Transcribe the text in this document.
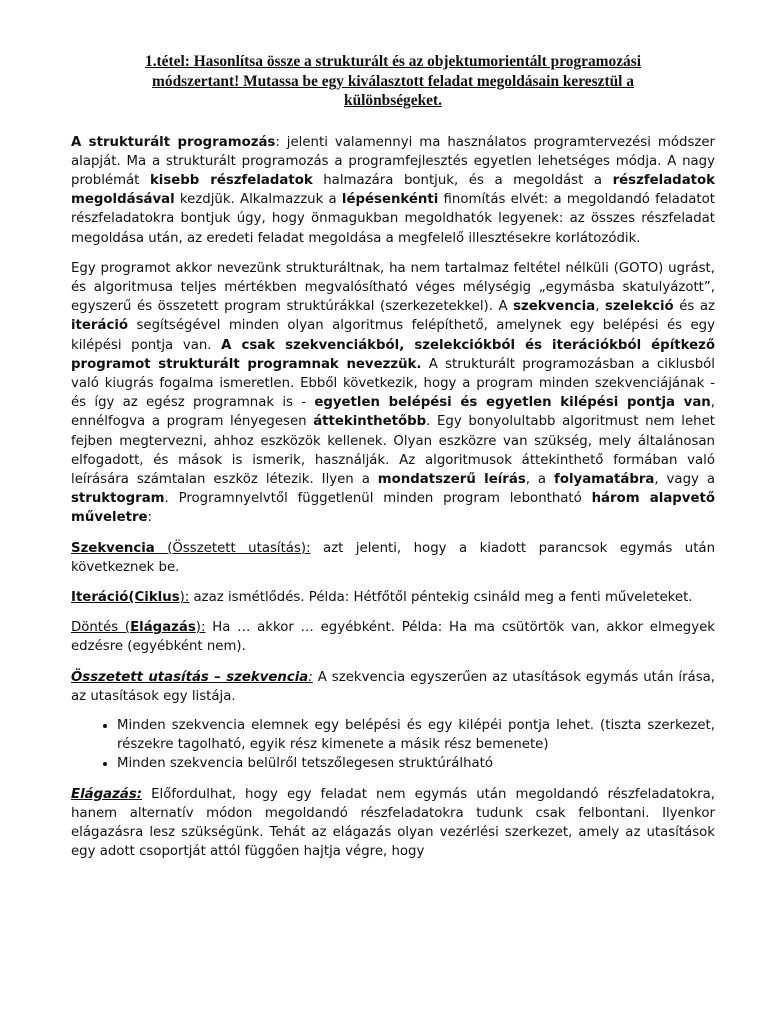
1.tétel: Hasonlítsa össze a strukturált és az objektumorientált programozási
módszertant! Mutassa be egy kiválasztott feladat megoldásain keresztül a
különbségeket.

A strukturált programozás: jelenti valamennyi ma használatos programtervezési módszer alapját. Ma a strukturált programozás a programfejlesztés egyetlen lehetséges módja. A nagy problémát kisebb részfeladatok halmazára bontjuk, és a megoldást a részfeladatok megoldásával kezdjük. Alkalmazzuk a lépésenkénti finomítás elvét: a megoldandó feladatot részfeladatokra bontjuk úgy, hogy önmagukban megoldhatók legyenek: az összes részfeladat megoldása után, az eredeti feladat megoldása a megfelelő illesztésekre korlátozódik.

Egy programot akkor nevezünk strukturáltnak, ha nem tartalmaz feltétel nélküli (GOTO) ugrást, és algoritmusa teljes mértékben megvalósítható véges mélységig „egymásba skatulyázott”, egyszerű és összetett program struktúrákkal (szerkezetekkel). A szekvencia, szelekció és az iteráció segítségével minden olyan algoritmus felépíthető, amelynek egy belépési és egy kilépési pontja van. A csak szekvenciákból, szelekciókból és iterációkból építkező programot strukturált programnak nevezzük. A strukturált programozásban a ciklusból való kiugrás fogalma ismeretlen. Ebből következik, hogy a program minden szekvenciájának - és így az egész programnak is - egyetlen belépési és egyetlen kilépési pontja van, ennélfogva a program lényegesen áttekinthetőbb. Egy bonyolultabb algoritmust nem lehet fejben megtervezni, ahhoz eszközök kellenek. Olyan eszközre van szükség, mely általánosan elfogadott, és mások is ismerik, használják. Az algoritmusok áttekinthető formában való leírására számtalan eszköz létezik. Ilyen a mondatszerű leírás, a folyamatábra, vagy a struktogram. Programnyelvtől függetlenül minden program lebontható három alapvető műveletre:

Szekvencia (Összetett utasítás): azt jelenti, hogy a kiadott parancsok egymás után következnek be.

Iteráció(Ciklus): azaz ismétlődés. Példa: Hétfőtől péntekig csináld meg a fenti műveleteket.

Döntés (Elágazás): Ha … akkor … egyébként. Példa: Ha ma csütörtök van, akkor elmegyek edzésre (egyébként nem).

Összetett utasítás – szekvencia: A szekvencia egyszerűen az utasítások egymás után írása, az utasítások egy listája.

• Minden szekvencia elemnek egy belépési és egy kilépéi pontja lehet. (tiszta szerkezet, részekre tagolható, egyik rész kimenete a másik rész bemenete)
• Minden szekvencia belülről tetszőlegesen struktúrálható

Elágazás: Előfordulhat, hogy egy feladat nem egymás után megoldandó részfeladatokra, hanem alternatív módon megoldandó részfeladatokra tudunk csak felbontani. Ilyenkor elágazásra lesz szükségünk. Tehát az elágazás olyan vezérlési szerkezet, amely az utasítások egy adott csoportját attól függően hajtja végre, hogy
